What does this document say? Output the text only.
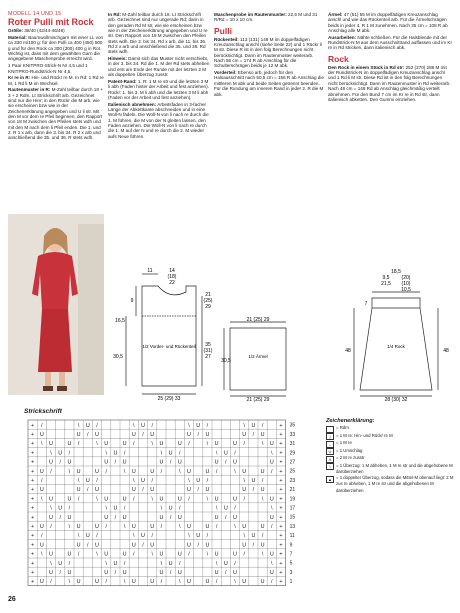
MODELL 14 UND 15
Roter Pulli mit Rock

Größe: 38/40 (42/44-46/48)

Material: Baumwollmischgarn mit einer LL von ca 330 m/100 g: für den Pulli ca 400 (450) 500 g und für den Rock ca 300 (300) 400 g in Rot. Wichtig ist, dass mit dem gewählten Garn die angegebene Maschenprobe erreicht wird.

1 Paar KNITPRO-Strick-N Nr 4,5 und 1 KNITPRO-Rundstrick-N Nr 4,5.

Kr re in R: Hin- und Rückr re M. In Rd: 1 Rd re M, 1 Rd li M im Wechsel.

Rautenmuster in R: M-Zahl teilbar durch 18 + 3 + 2 Rdm. Lt Strickschrift arb. Gezeichnet sind nur die Hinr; in den Rückr die M arb, wie sie erscheinen bzw wie in der Zeichenerklärung angegeben und U li str. Mit den M vor dem re Pfeil beginnen, den Rapport von 18 M zwischen den Pfeilen stets wdh und mit den M nach dem li Pfeil enden. Die 1. und 2. R 1 x arb, dann die 3. bis 34. R 2 x arb und anschließend die 35. und 36. R stets wdh.

In Rd: M-Zahl teilbar durch 18. Lt Strickschrift arb. Gezeichnet sind nur ungerade Rd; darin in den geraden Rd M str, wie sie erscheinen bzw wie in der Zeichenerklärung angegeben und U re str. Den Rapport von 18 M zwischen den Pfeilen stets wdh. Die 3. bis 34. Rd x arb, die 11. bis 36. Rd 2 x arb und anschließend die 35. und 36. Rd stets wdh.

Hinweis: Damit sich das Muster nicht verschiebt, in der 3. bis 34. Rd die 1. M der Rd stets abheben und erst am Ende der Runde mit der letzten 2 M als doppelten Überzug zusstr.

Patent-Rand: 1. R: 1 M re str und die letzten 3 M li abh (Faden hinter der Arbeit und fest anziehen). Rückr: 1. bis 3. M li abh und die letzten 3 M li abh (Faden vor der Arbeit und fest anziehen).

Italienisch abnehmen: Arbeitsfaden in 3-facher Länge der Abkettkante abschneiden und in eine Woll-N fädeln. Die Woll-N von li nach re durch die 1. M führen, die M von der N gleiten lassen, den Faden anziehen. Die Woll-N von li nach re durch die 1. M auf der N und re durch die 2. M wieder aufs Neue führen.

Maschenprobe im Rautenmuster: 22,5 M und 31 R/Rd = 10 x 10 cm.

Pulli

Rückenteil: 113 (131) 149 M im doppelfädigen Kreuzanschlag anschl (siehe Seite 22) und 1 Rückr li M str. Diese R ist in den folg Berechnungen nicht berücksichtigt. Dann im Rautenmuster weiterarb. Nach 56 cm = 174 R ab Anschlag für die Schulterschrägen beids je 12 M abk.

Vorderteil: Ebenso arb, jedoch für den Halsausschnitt nach 50,5 cm = 156 R ab Anschlag die mittleren M abk und beide Seiten getrennt beenden. Für die Rundung am inneren Rand in jeder 2. R die M abk.

Ärmel: 47 (51) 55 M im doppelfädigen Kreuzanschlag anschl und wie das Rückenteil arb. Für die Ärmelschrägen beids in jeder 4. R 1 M zunehmen. Nach 35 cm = 108 R ab Anschlag alle M abk.

Ausarbeiten: Nähte schließen. Für die Halsblende mit der Rundstrick-N M aus dem Ausschnittrand auffassen und im Kr re in Rd stricken, dann italienisch abk.

Rock

Den Rock in einem Stück in Rd str: 252 (270) 288 M mit der Rundstrick-N im doppelfädigen Kreuzanschlag anschl und 1 Rd li M str. Diese Rd ist in den folg Berechnungen nicht berücksichtigt. Dann im Rautenmuster in Rd weiterarb. Nach 48 cm = 148 Rd ab Anschlag gleichmäßig verteilt abnehmen. Für den Bund 7 cm im Kr re in Rd str, dann italienisch abketten. Den Gummi einziehen.

11	14
(18)
22
21
(25)
29
9
16,5
30,5
35
(31)
27
25 (29) 33
1/2 Vorder- und Rückenteil
21 (25) 29
30,5
21 (25) 29
1/2 Ärmel
18,5
9,5 (20)
21,5 (10)
10,5
7
48	48
28 (30) 32
1/4 Rock
Strickschrift
35
+ /	\ U /	\ U /	\ U /	\ U /	+
33
+ U	U / U	U / U	U / U	U / U	+
31
+ \ U	U /	\ U	U /	\ U	U /	\ U	U /	\ U +
29
+	\ U /	\ U /	\ U /	\ U /	\ +
27
+	U / U	U / U	U / U	U / U	U +
25
+ U /	\ U	U /	\ U	U /	\ U	U /	\ U	U / +
23
+ /	\ U /	\ U /	\ U /	\ U /	+
21
+ U	U / U	U / U	U / U	U / U	+
19
+ \ U	U /	\ U	U /	\ U	U /	\ U	U /	\ U +
17
+	\ U /	\ U /	\ U /	\ U /	\ +
15
+	U / U	U / U	U / U	U / U	U +
13
+ U /	\ U	U /	\ U	U /	\ U	U /	\ U	U / +
11
+ /	\ U /	\ U /	\ U /	\ U /	+
9
+ U	U / U	U / U	U / U	U / U	+
7
+ \ U	U /	\ U	U /	\ U	U /	\ U	U /	\ U +
5
+	\ U /	\ U /	\ U /	\ U /	\ +
3
+	U / U	U / U	U / U	U / U	U +
1
+ U /	\ U	U /	\ U	U /	\ U	U /	\ U	U / +
Zeichenerklärung:
= Rdm
|	= 1 M re: Hin- und Rückr re M
–	= 1 M re
U	= 1 Umschlag
Λ	= 2 M re zusstr
\	= 1 Überzug: 1 M abheben, 1 M re str und die abgehobene M darüberziehen
▲ = 1 doppelter Überzug, sodass die Mittel-M obenauf liegt: 2 M zus re abheben, 1 M re str und die abgehobenen M darüberziehen
26
